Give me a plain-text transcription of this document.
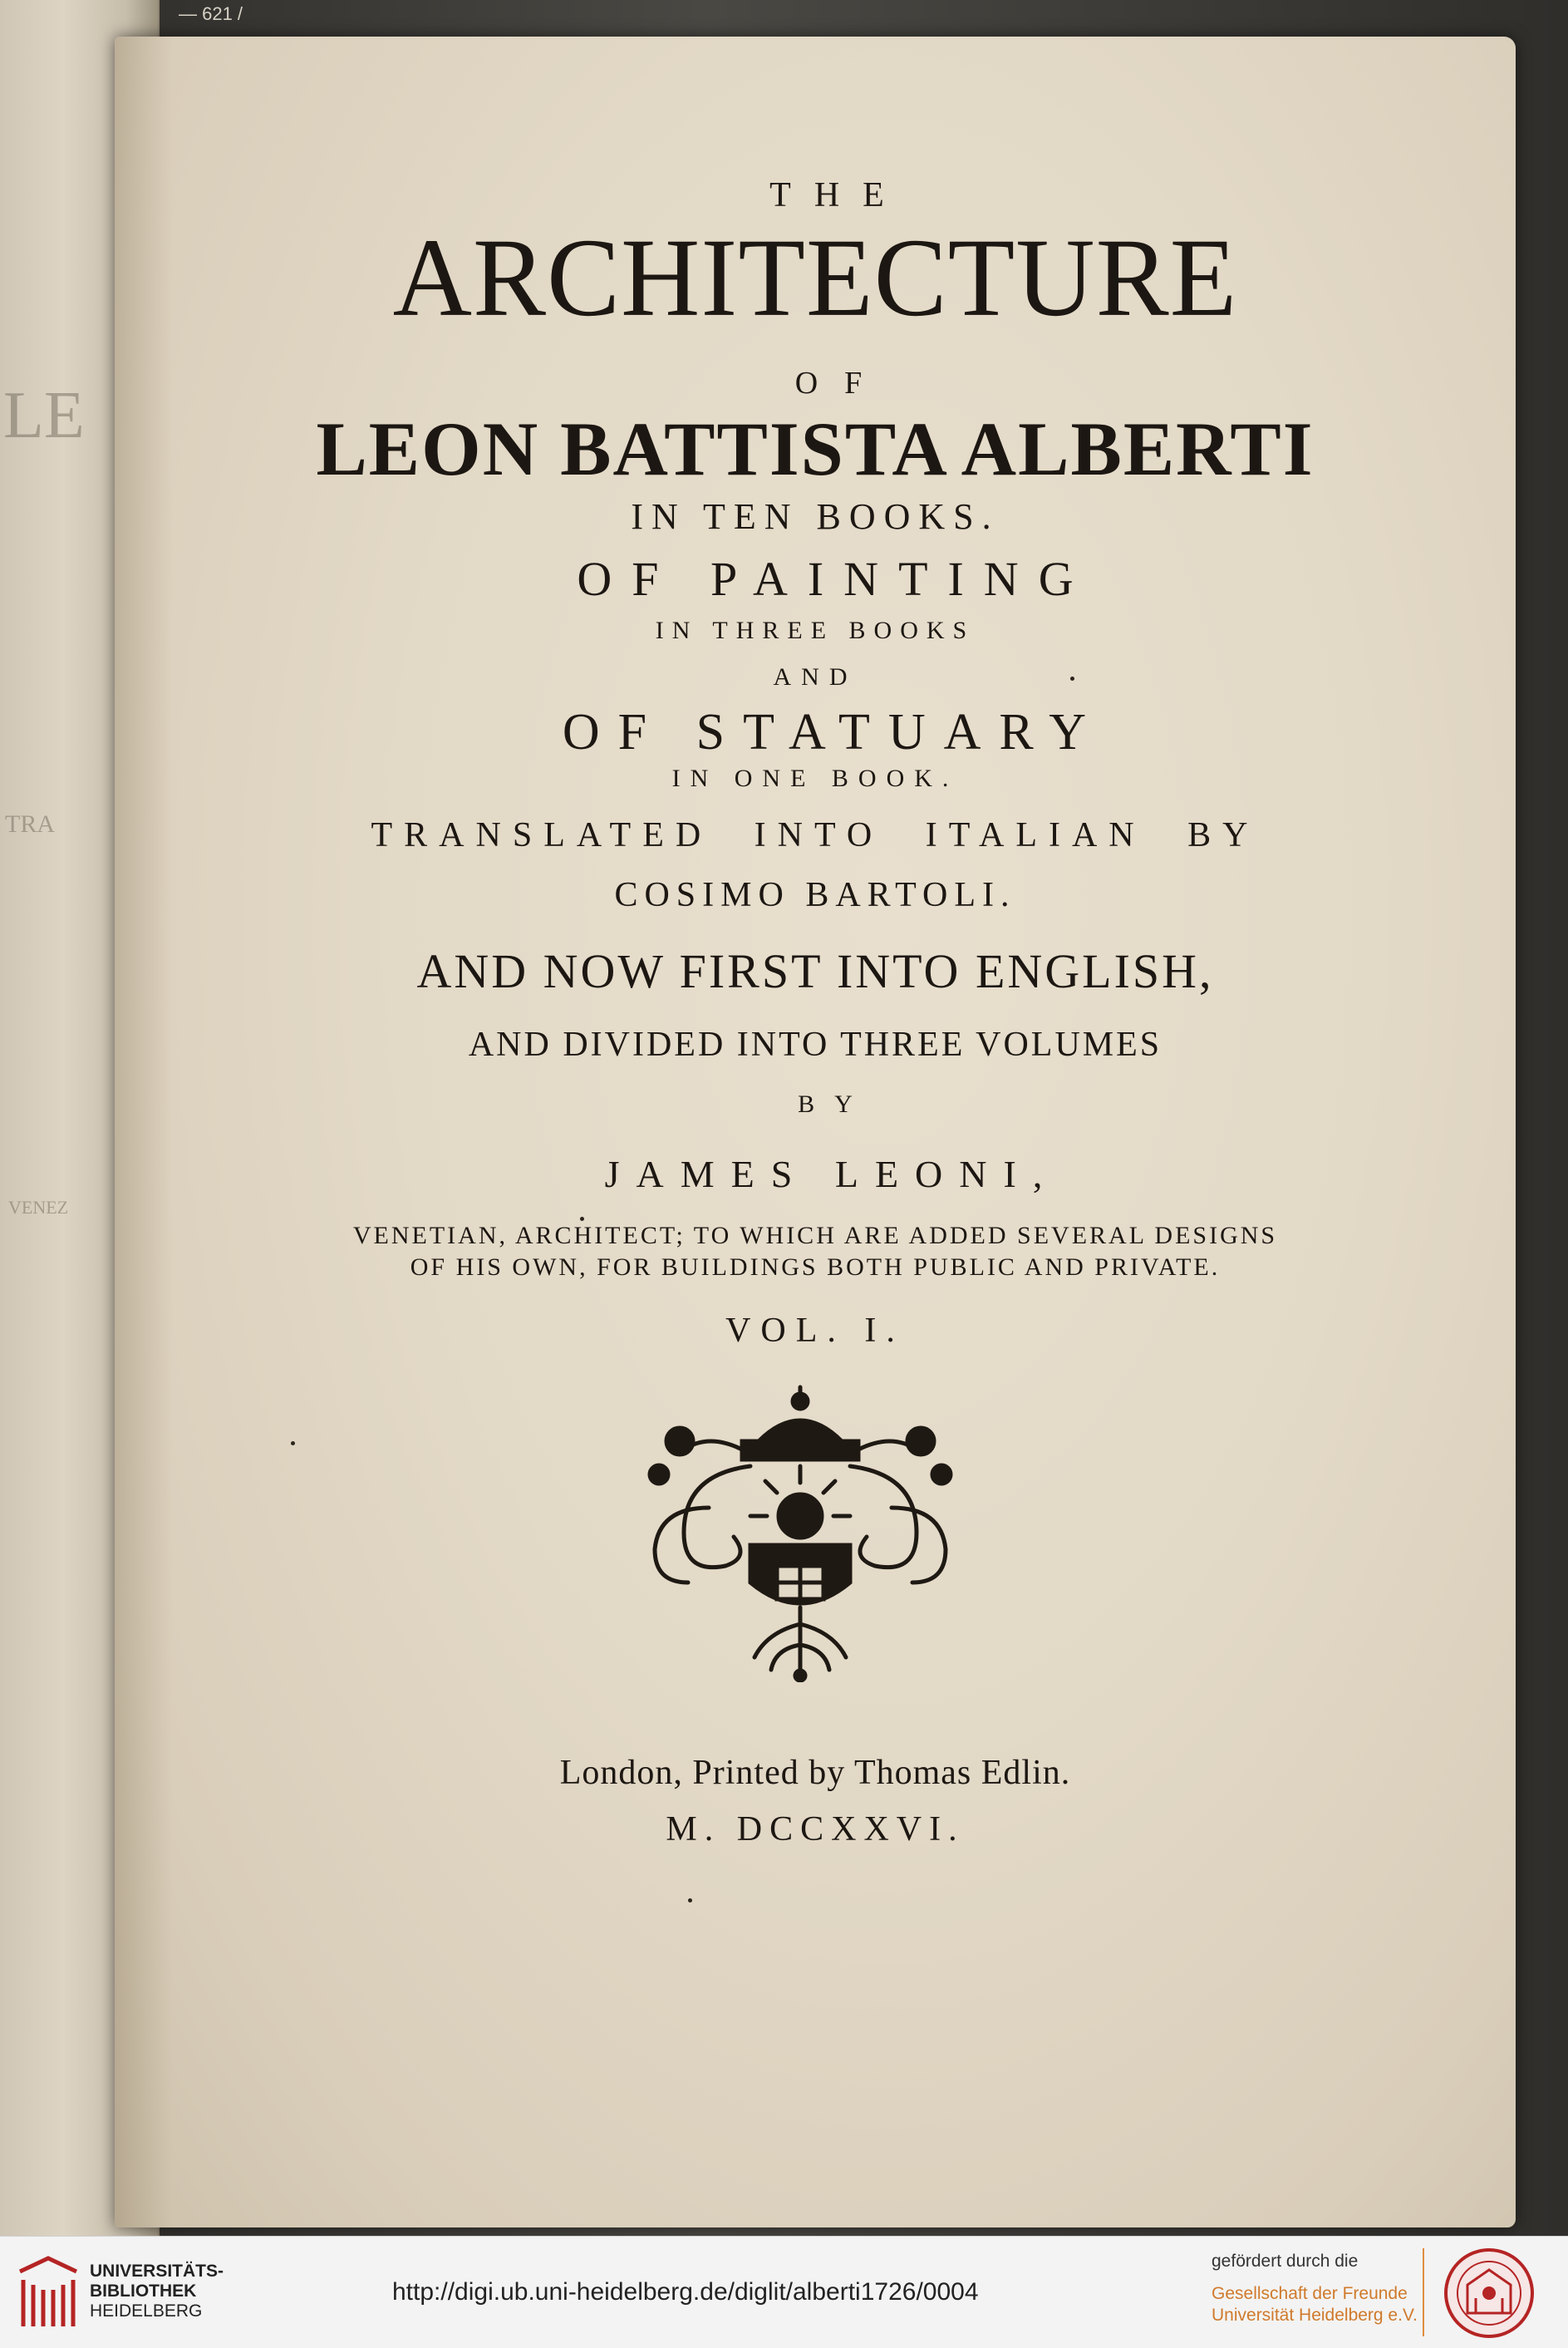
— 621 /
LE
TRA
VENEZ

THE

ARCHITECTURE

OF

LEON BATTISTA ALBERTI

IN TEN BOOKS.

OF PAINTING

IN THREE BOOKS

AND

OF STATUARY

IN ONE BOOK.

TRANSLATED INTO ITALIAN BY

COSIMO BARTOLI.

AND NOW FIRST INTO ENGLISH,

AND DIVIDED INTO THREE VOLUMES

BY

JAMES LEONI,

VENETIAN, ARCHITECT; TO WHICH ARE ADDED SEVERAL DESIGNS

OF HIS OWN, FOR BUILDINGS BOTH PUBLIC AND PRIVATE.

VOL. I.

London, Printed by Thomas Edlin.

M. DCCXXVI.

UNIVERSITÄTS-
BIBLIOTHEK
HEIDELBERG
http://digi.ub.uni-heidelberg.de/diglit/alberti1726/0004
gefördert durch die
Gesellschaft der Freunde
Universität Heidelberg e.V.
